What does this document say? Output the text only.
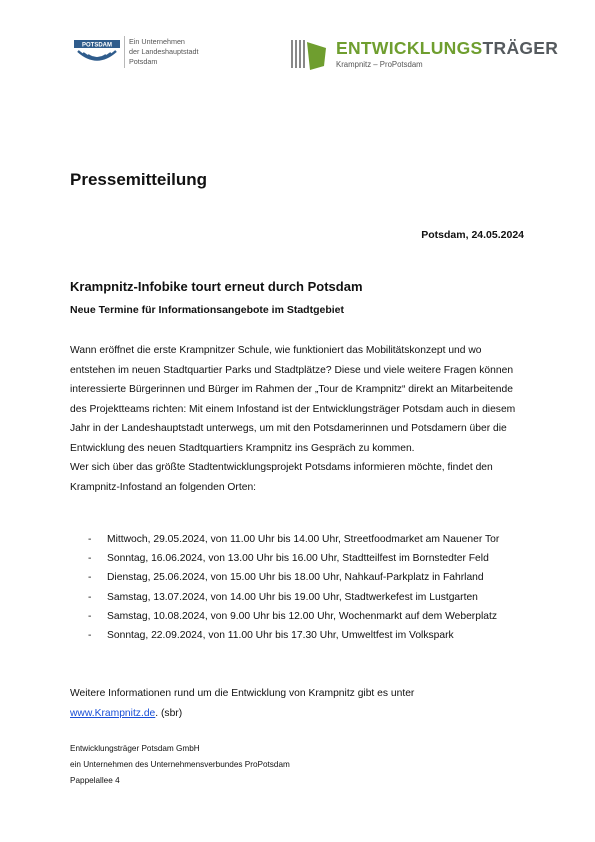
POTSDAM Ein Unternehmen
der Landeshauptstadt
Potsdam
ENTWICKLUNGSTRÄGER
Krampnitz – ProPotsdam
Pressemitteilung
Potsdam, 24.05.2024
Krampnitz-Infobike tourt erneut durch Potsdam
Neue Termine für Informationsangebote im Stadtgebiet

Wann eröffnet die erste Krampnitzer Schule, wie funktioniert das Mobilitätskonzept und wo entstehen im neuen Stadtquartier Parks und Stadtplätze? Diese und viele weitere Fragen können interessierte Bürgerinnen und Bürger im Rahmen der „Tour de Krampnitz“ direkt an Mitarbeitende des Projektteams richten: Mit einem Infostand ist der Entwicklungsträger Potsdam auch in diesem Jahr in der Landeshauptstadt unterwegs, um mit den Potsdamerinnen und Potsdamern über die Entwicklung des neuen Stadtquartiers Krampnitz ins Gespräch zu kommen.

Wer sich über das größte Stadtentwicklungsprojekt Potsdams informieren möchte, findet den Krampnitz-Infostand an folgenden Orten:

- Mittwoch, 29.05.2024, von 11.00 Uhr bis 14.00 Uhr, Streetfoodmarket am Nauener Tor
- Sonntag, 16.06.2024, von 13.00 Uhr bis 16.00 Uhr, Stadtteilfest im Bornstedter Feld
- Dienstag, 25.06.2024, von 15.00 Uhr bis 18.00 Uhr, Nahkauf-Parkplatz in Fahrland
- Samstag, 13.07.2024, von 14.00 Uhr bis 19.00 Uhr, Stadtwerkefest im Lustgarten
- Samstag, 10.08.2024, von 9.00 Uhr bis 12.00 Uhr, Wochenmarkt auf dem Weberplatz
- Sonntag, 22.09.2024, von 11.00 Uhr bis 17.30 Uhr, Umweltfest im Volkspark
Weitere Informationen rund um die Entwicklung von Krampnitz gibt es unter
www.Krampnitz.de. (sbr)
Entwicklungsträger Potsdam GmbH
ein Unternehmen des Unternehmensverbundes ProPotsdam
Pappelallee 4
